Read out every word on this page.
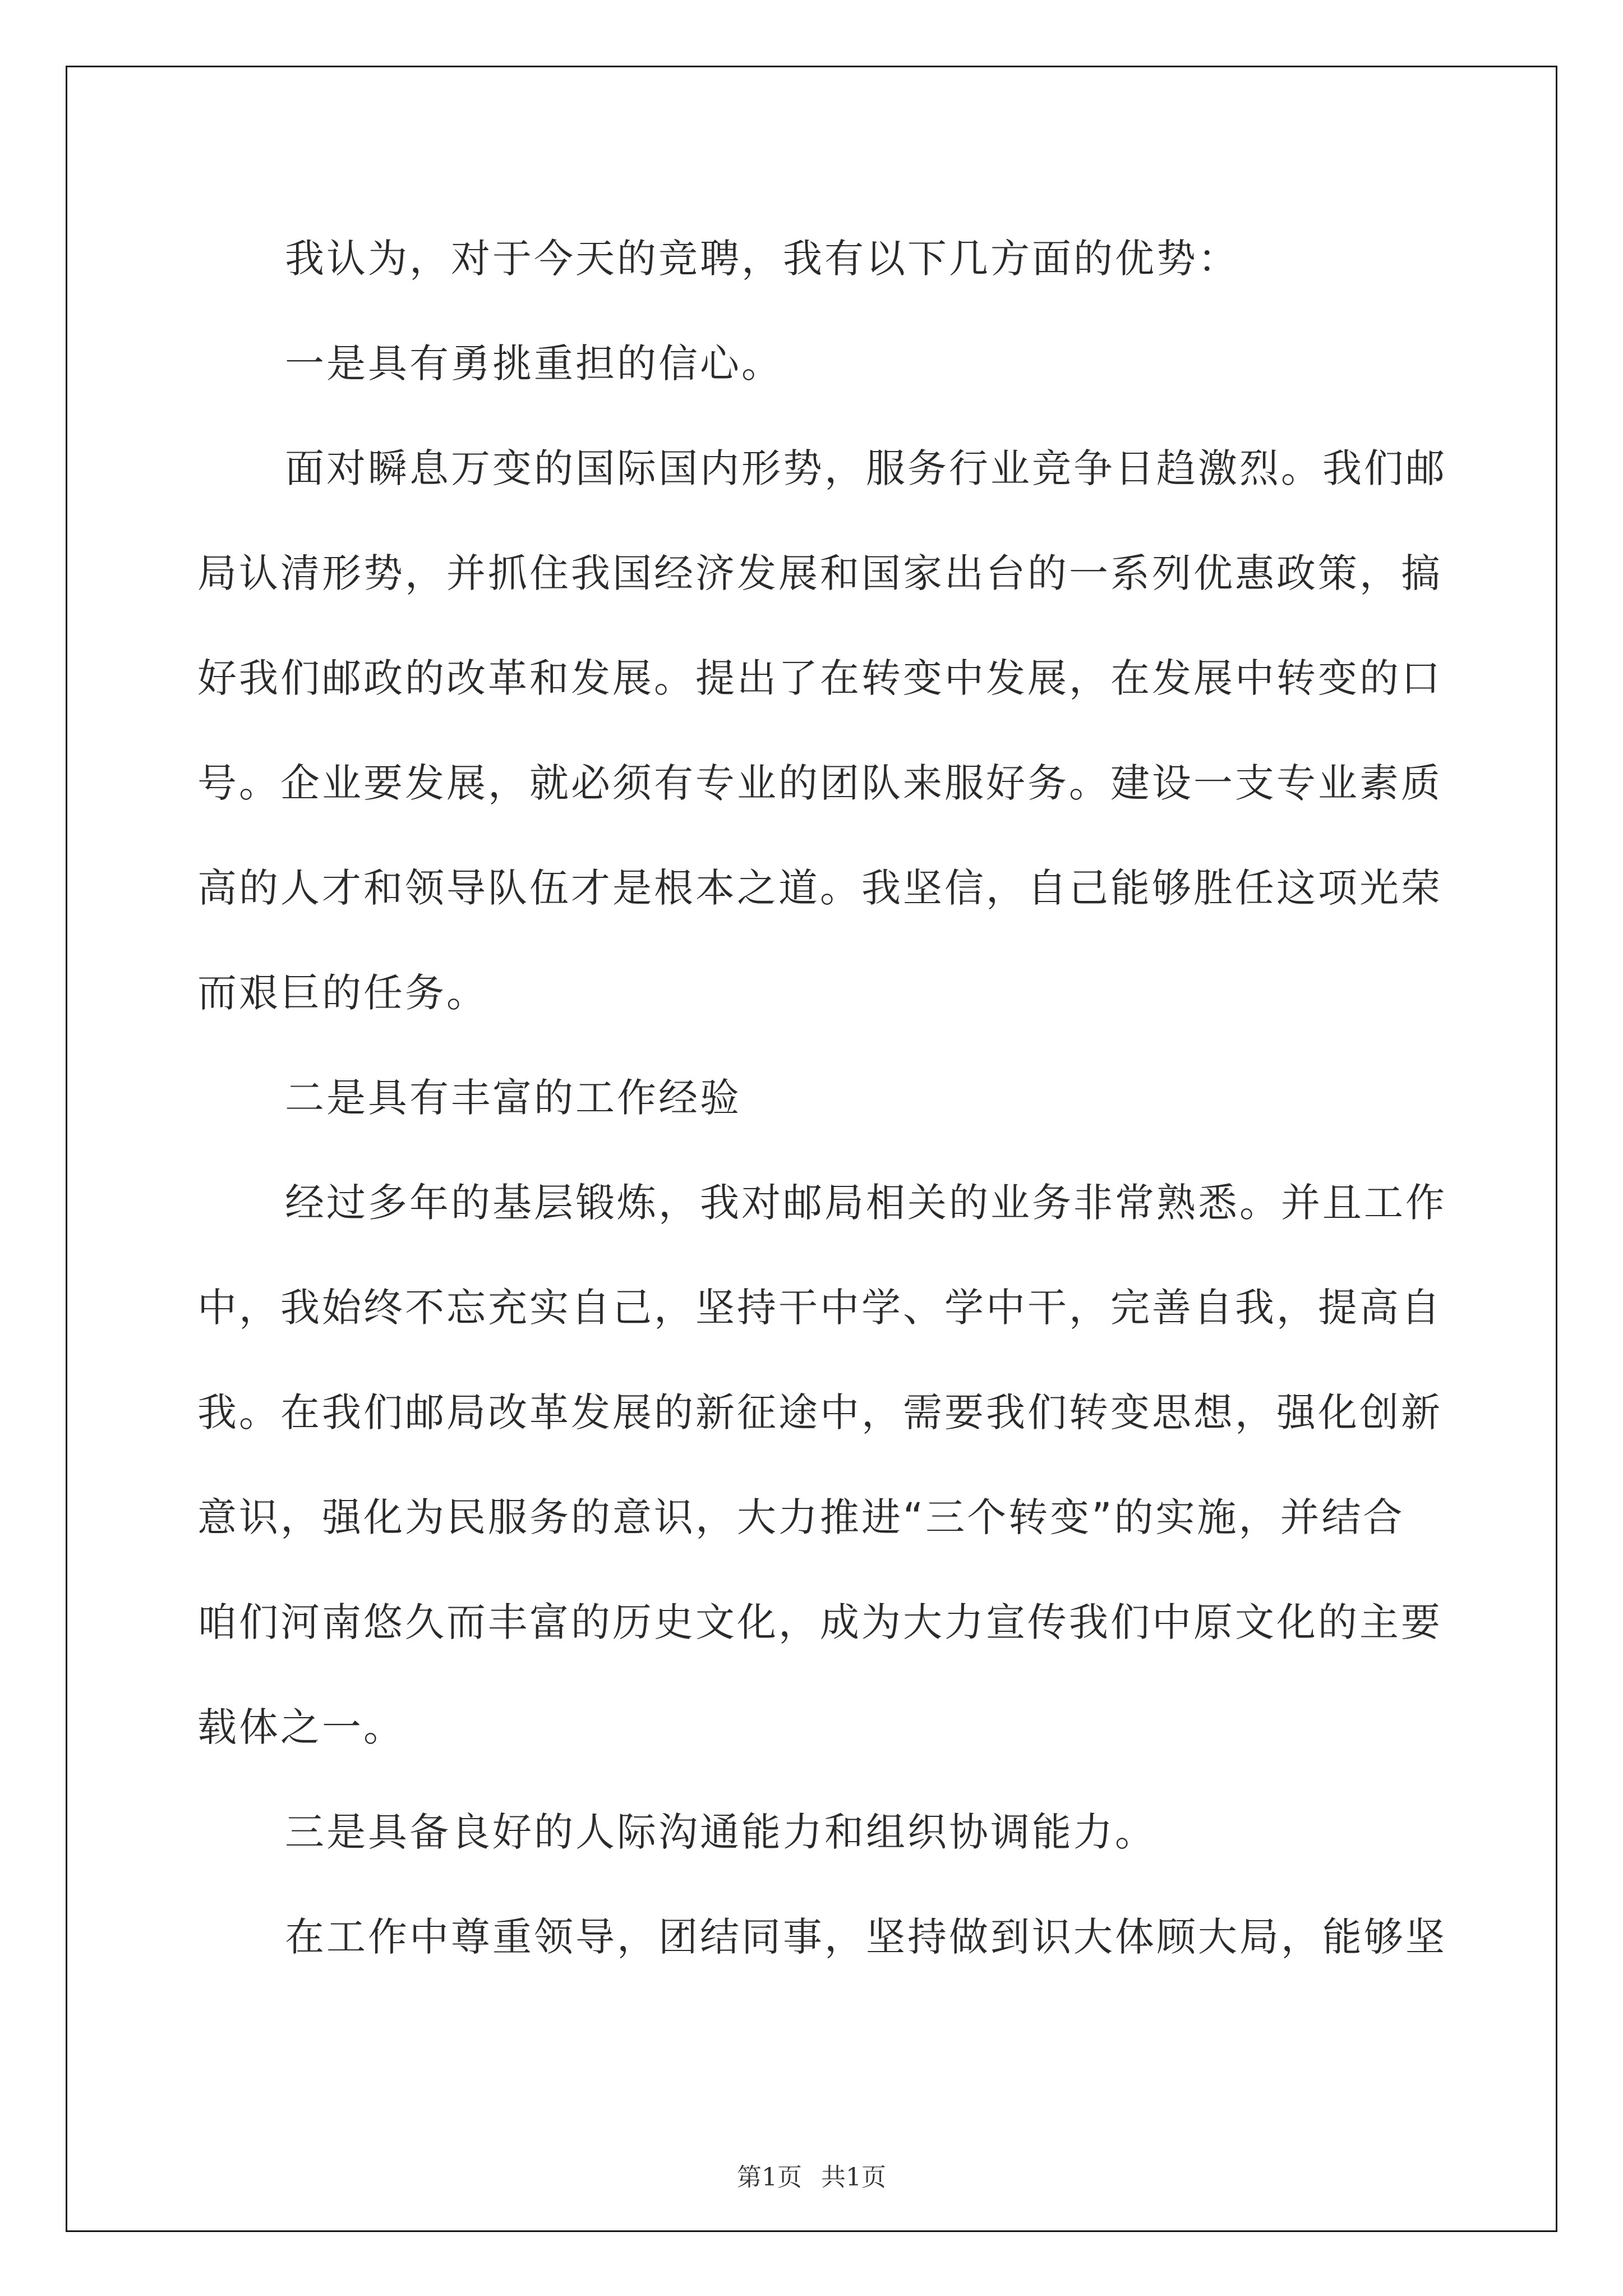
我认为，对于今天的竞聘，我有以下几方面的优势：
一是具有勇挑重担的信心。
面对瞬息万变的国际国内形势，服务行业竞争日趋激烈。我们邮
局认清形势，并抓住我国经济发展和国家出台的一系列优惠政策，搞
好我们邮政的改革和发展。提出了在转变中发展，在发展中转变的口
号。企业要发展，就必须有专业的团队来服好务。建设一支专业素质
高的人才和领导队伍才是根本之道。我坚信，自己能够胜任这项光荣
而艰巨的任务。
二是具有丰富的工作经验
经过多年的基层锻炼，我对邮局相关的业务非常熟悉。并且工作
中，我始终不忘充实自己，坚持干中学、学中干，完善自我，提高自
我。在我们邮局改革发展的新征途中，需要我们转变思想，强化创新
意识，强化为民服务的意识，大力推进“三个转变”的实施，并结合
咱们河南悠久而丰富的历史文化，成为大力宣传我们中原文化的主要
载体之一。
三是具备良好的人际沟通能力和组织协调能力。
在工作中尊重领导，团结同事，坚持做到识大体顾大局，能够坚
第1页 共1页
